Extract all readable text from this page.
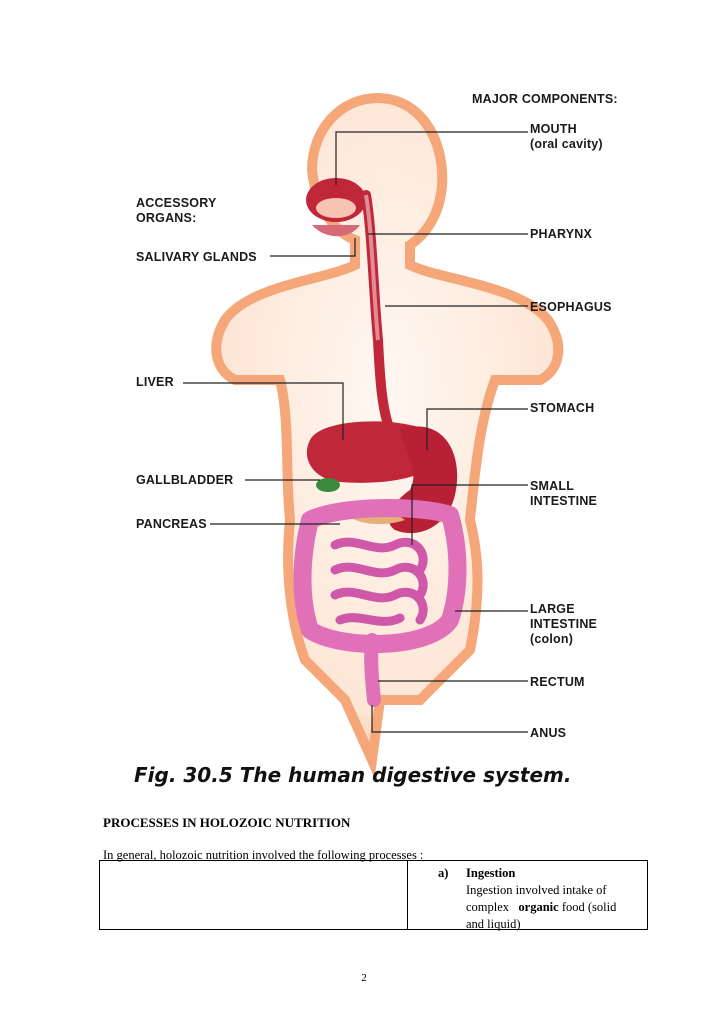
MAJOR COMPONENTS:
MOUTH
(oral cavity)
PHARYNX
ESOPHAGUS
STOMACH
SMALL
INTESTINE
LARGE
INTESTINE
(colon)
RECTUM
ANUS
ACCESSORY
ORGANS:
SALIVARY GLANDS
LIVER
GALLBLADDER
PANCREAS
Fig. 30.5 The human digestive system.
PROCESSES IN HOLOZOIC NUTRITION
In general, holozoic nutrition involved the following processes :
a) Ingestion
Ingestion involved intake of
complex   organic food (solid
and liquid)
2
